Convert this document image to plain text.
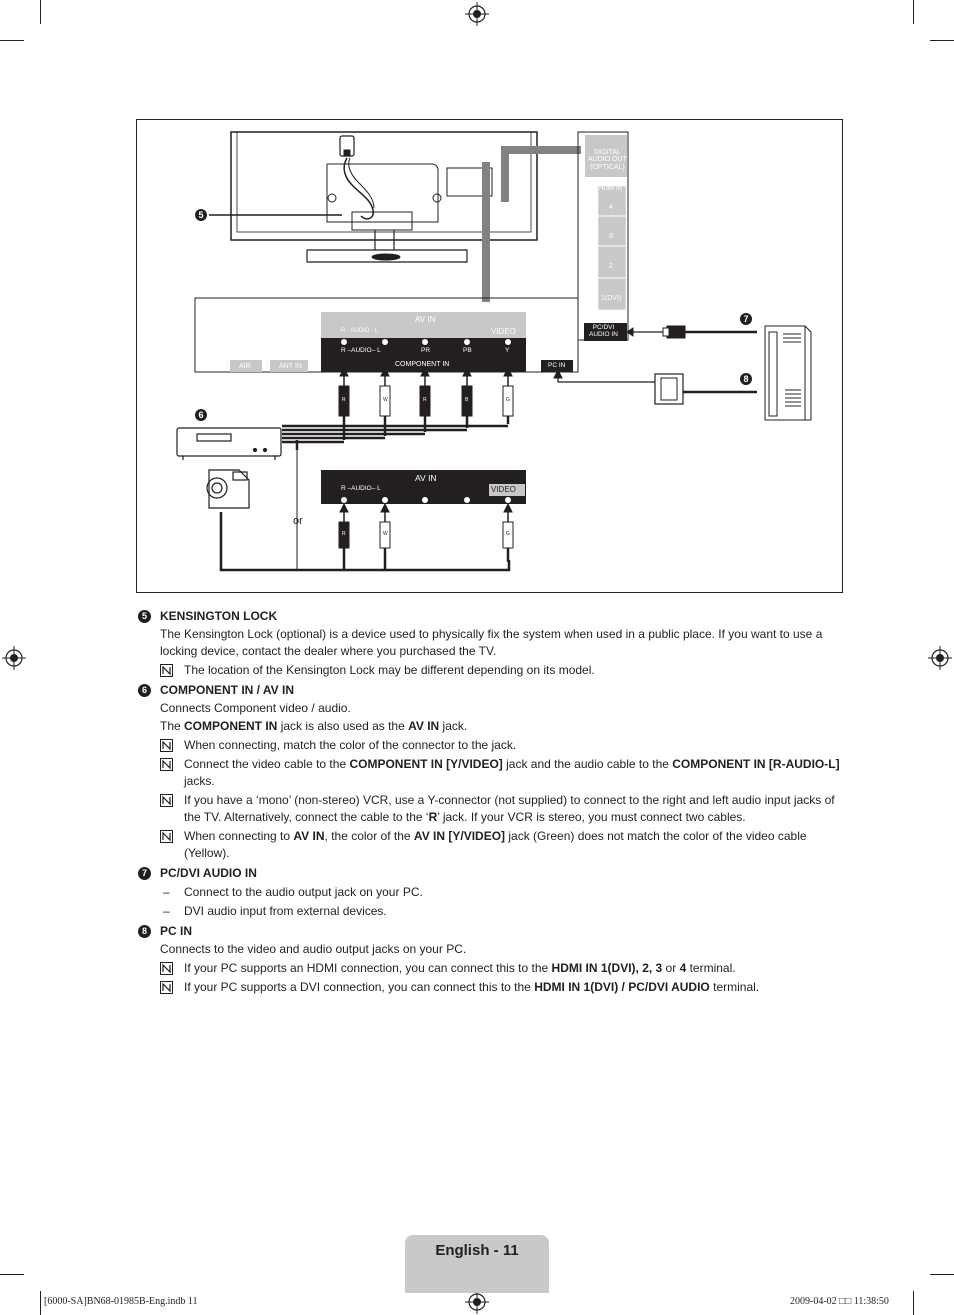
5
6
7
8
or
DIGITAL
AUDIO OUT
(OPTICAL)
HDMI IN
4
3
2
1(DVI)
PC/DVI
AUDIO IN
AV IN
R - AUDIO - L	VIDEO
R –AUDIO– L	PR	PB	Y
COMPONENT IN
AIR	ANT IN	PC IN
R	W	R	B	G
AV IN
R –AUDIO– L	VIDEO
R	W	G
5	KENSINGTON LOCK
The Kensington Lock (optional) is a device used to physically fix the system when used in a public place. If you want to use a locking device, contact the dealer where you purchased the TV.
The location of the Kensington Lock may be different depending on its model.
6	COMPONENT IN / AV IN
Connects Component video / audio.
The COMPONENT IN jack is also used as the AV IN jack.
When connecting, match the color of the connector to the jack.
Connect the video cable to the COMPONENT IN [Y/VIDEO] jack and the audio cable to the COMPONENT IN [R-AUDIO-L] jacks.
If you have a ‘mono’ (non-stereo) VCR, use a Y-connector (not supplied) to connect to the right and left audio input jacks of the TV. Alternatively, connect the cable to the ‘R’ jack. If your VCR is stereo, you must connect two cables.
When connecting to AV IN, the color of the AV IN [Y/VIDEO] jack (Green) does not match the color of the video cable (Yellow).
7	PC/DVI AUDIO IN
– Connect to the audio output jack on your PC.
– DVI audio input from external devices.
8	PC IN
Connects to the video and audio output jacks on your PC.
If your PC supports an HDMI connection, you can connect this to the HDMI IN 1(DVI), 2, 3 or 4 terminal.
If your PC supports a DVI connection, you can connect this to the HDMI IN 1(DVI) / PC/DVI AUDIO terminal.
English - 11
[6000-SA]BN68-01985B-Eng.indb 11	2009-04-02 □□ 11:38:50
